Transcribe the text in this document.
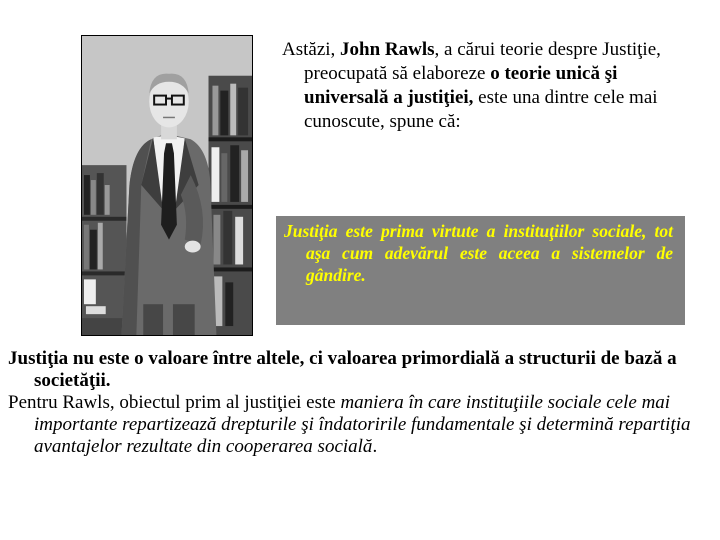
Astăzi, John Rawls, a cărui teorie despre Justiţie, preocupată să elaboreze o teorie unică şi universală a justiţiei, este una dintre cele mai cunoscute, spune că:

Justiţia este prima virtute a instituţiilor sociale, tot aşa cum adevărul este aceea a sistemelor de gândire.

Justiţia nu este o valoare între altele, ci valoarea primordială a structurii de bază a societăţii.

Pentru Rawls, obiectul prim al justiţiei este maniera în care instituţiile sociale cele mai importante repartizează drepturile şi îndatoririle fundamentale şi determină repartiţia avantajelor rezultate din cooperarea socială.
